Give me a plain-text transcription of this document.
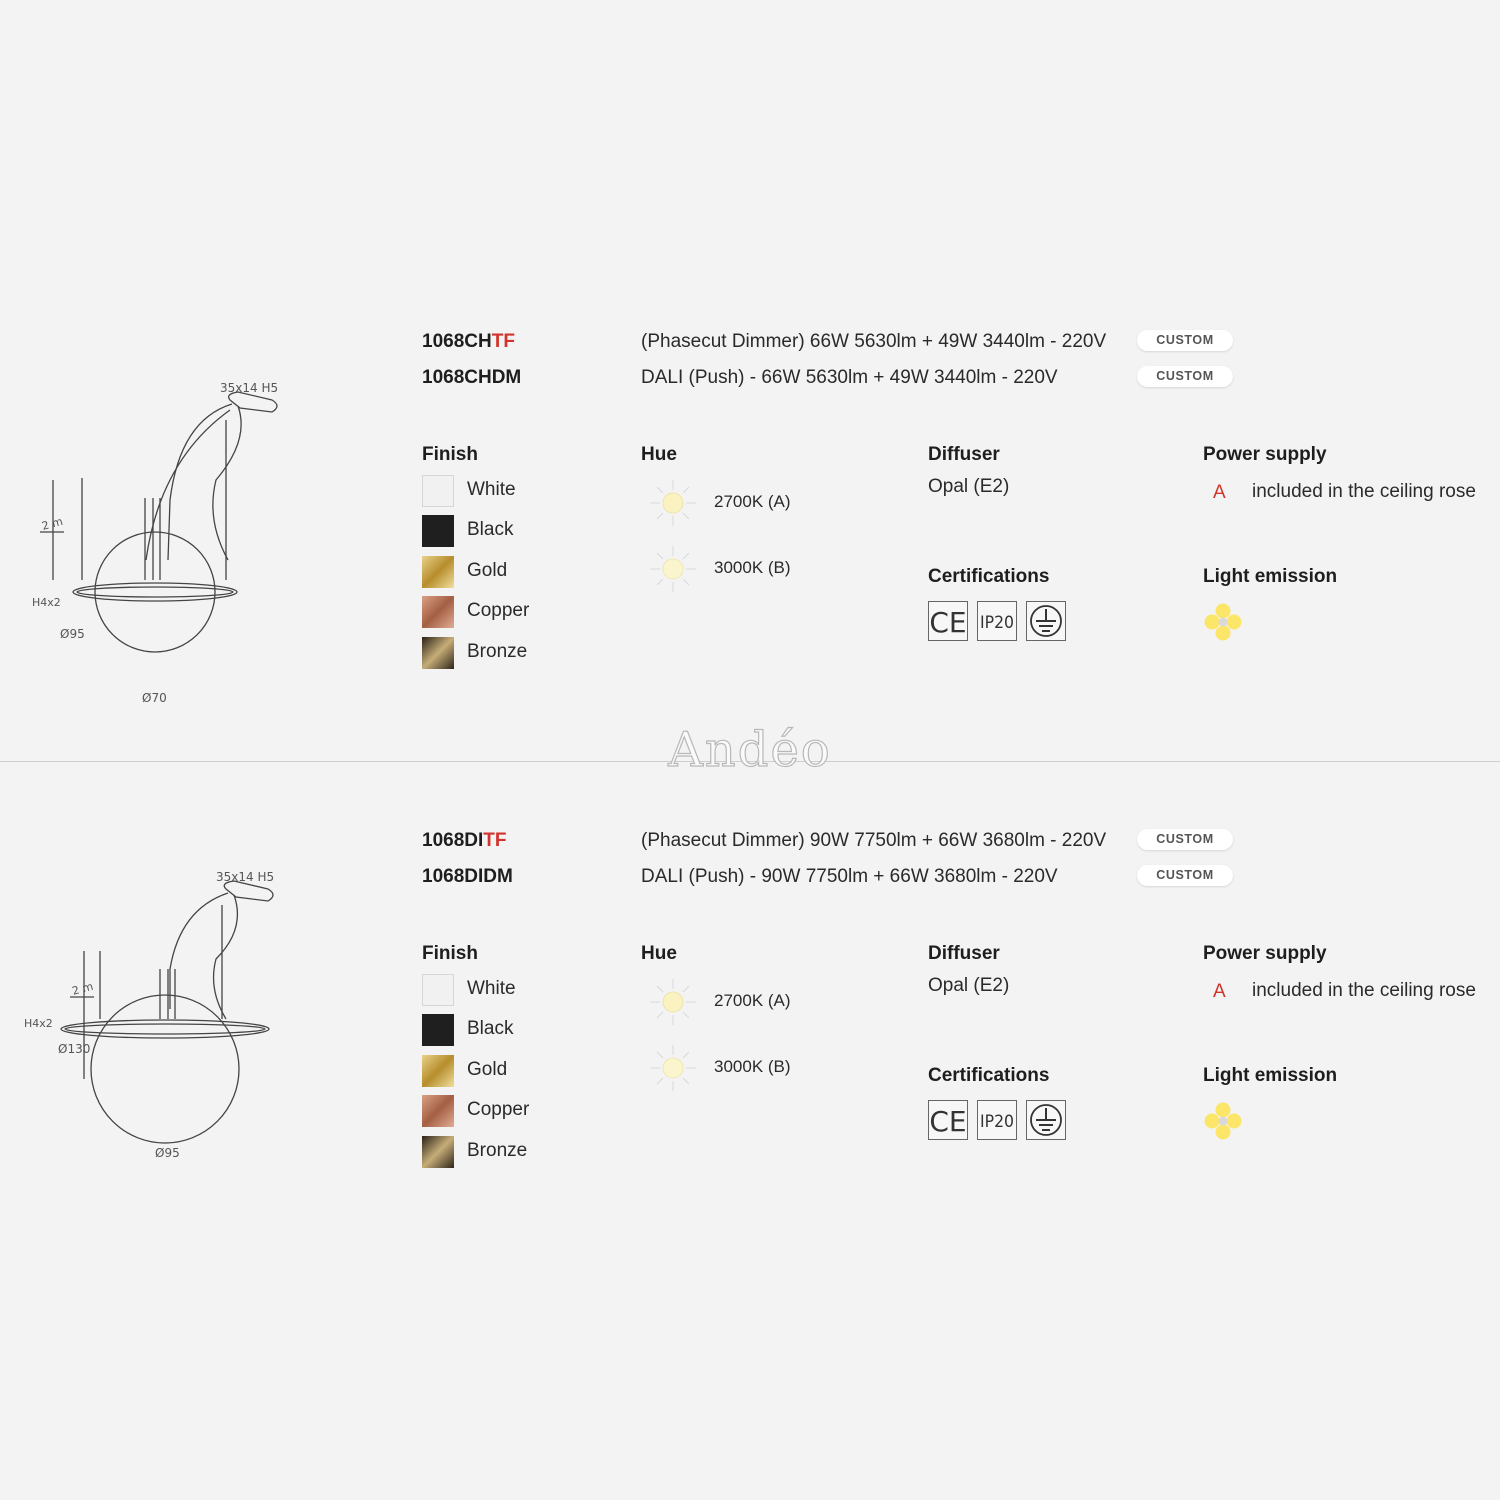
35x14 H5
2 m
H4x2
Ø95
Ø70
1068CHTF	(Phasecut Dimmer) 66W 5630lm + 49W 3440lm - 220V	CUSTOM
1068CHDM	DALI (Push) - 66W 5630lm + 49W 3440lm - 220V	CUSTOM
Finish	Hue	Diffuser	Power supply
White
Black
Gold
Copper
Bronze
2700K (A)
3000K (B)
Opal (E2)	A included in the ceiling rose
Certifications	Light emission
CE IP20
Andéo
35x14 H5
2 m
H4x2
Ø130
Ø95
1068DITF	(Phasecut Dimmer) 90W 7750lm + 66W 3680lm - 220V	CUSTOM
1068DIDM	DALI (Push) - 90W 7750lm + 66W 3680lm - 220V	CUSTOM
Finish	Hue	Diffuser	Power supply
White
Black
Gold
Copper
Bronze
2700K (A)
3000K (B)
Opal (E2)	A included in the ceiling rose
Certifications	Light emission
CE IP20
